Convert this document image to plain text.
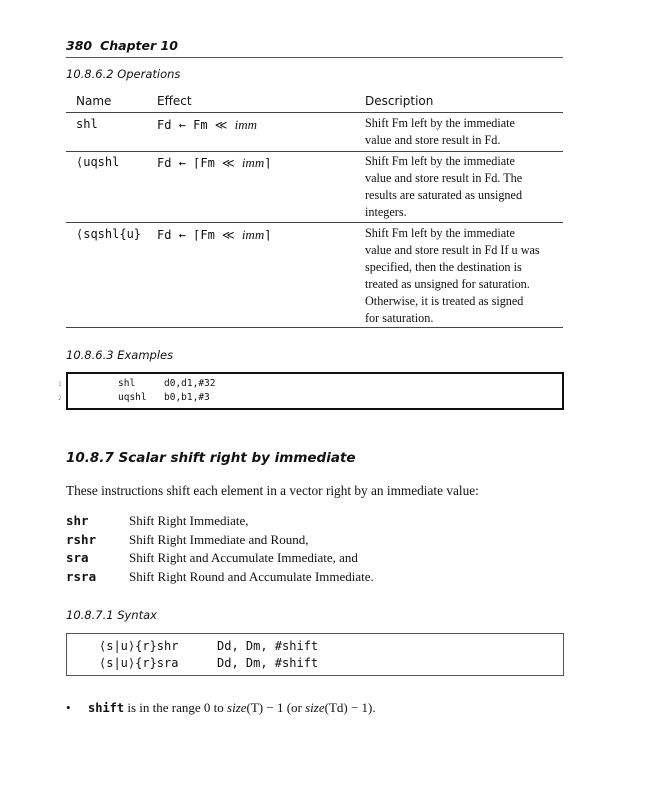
380 Chapter 10
10.8.6.2 Operations
Name	Effect	Description
shl	Fd ← Fm ≪ imm	Shift Fm left by the immediate
value and store result in Fd.
⟨uqshl	Fd ← ⌈Fm ≪ imm⌉	Shift Fm left by the immediate
value and store result in Fd. The
results are saturated as unsigned
integers.
⟨sqshl{u} Fd ← ⌈Fm ≪ imm⌉	Shift Fm left by the immediate
value and store result in Fd If u was
specified, then the destination is
treated as unsigned for saturation.
Otherwise, it is treated as signed
for saturation.
10.8.6.3 Examples
1	shl	d0,d1,#32
2	uqshl b0,b1,#3
10.8.7 Scalar shift right by immediate
These instructions shift each element in a vector right by an immediate value:
shr	Shift Right Immediate,
rshr	Shift Right Immediate and Round,
sra	Shift Right and Accumulate Immediate, and
rsra	Shift Right Round and Accumulate Immediate.
10.8.7.1 Syntax
⟨s|u⟩{r}shr	Dd, Dm, #shift
⟨s|u⟩{r}sra	Dd, Dm, #shift
• shift is in the range 0 to size(T) − 1 (or size(Td) − 1).
